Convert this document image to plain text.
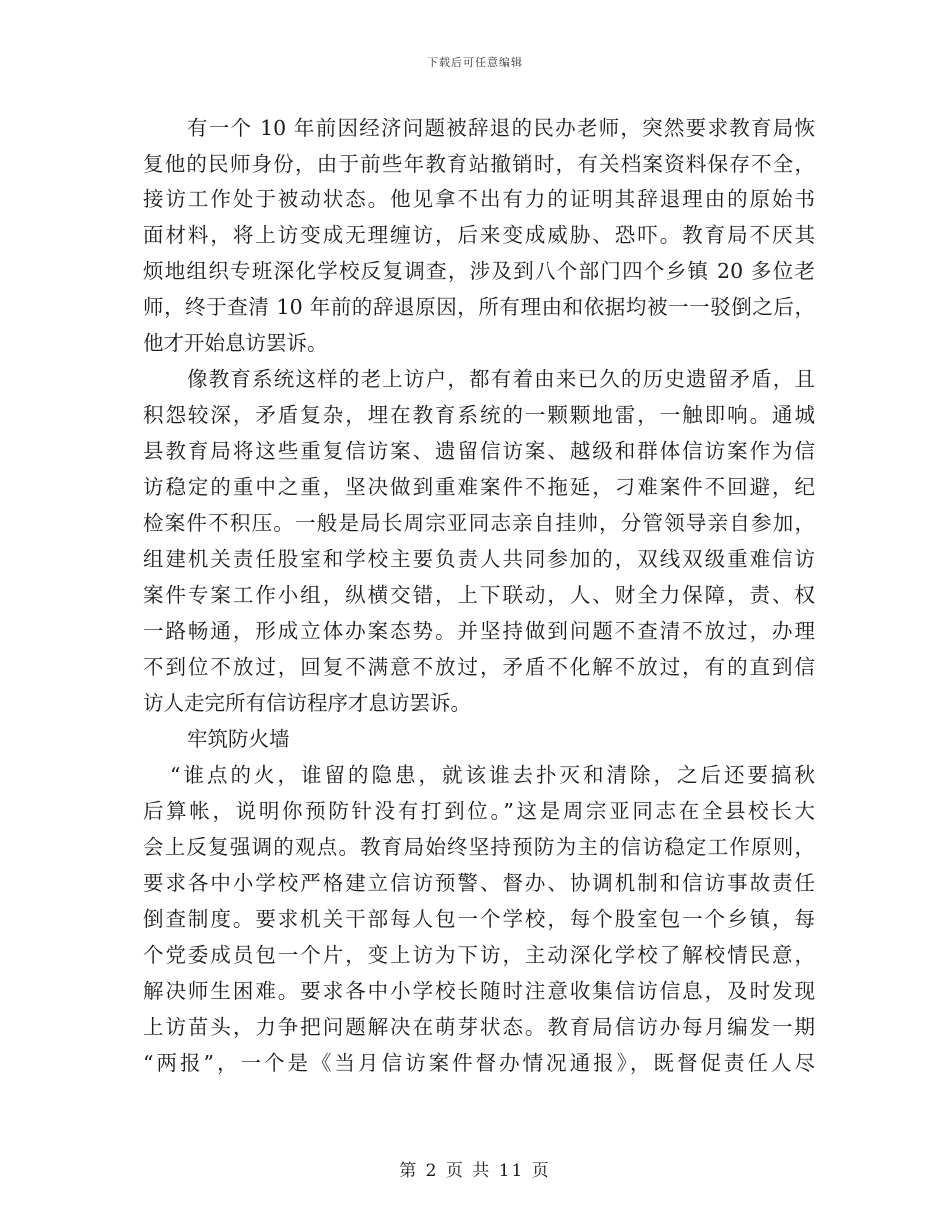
下载后可任意编辑
有一个 10 年前因经济问题被辞退的民办老师，突然要求教育局恢
复他的民师身份，由于前些年教育站撤销时，有关档案资料保存不全，
接访工作处于被动状态。他见拿不出有力的证明其辞退理由的原始书
面材料，将上访变成无理缠访，后来变成威胁、恐吓。教育局不厌其
烦地组织专班深化学校反复调查，涉及到八个部门四个乡镇 20 多位老
师，终于查清 10 年前的辞退原因，所有理由和依据均被一一驳倒之后，
他才开始息访罢诉。
像教育系统这样的老上访户，都有着由来已久的历史遗留矛盾，且
积怨较深，矛盾复杂，埋在教育系统的一颗颗地雷，一触即响。通城
县教育局将这些重复信访案、遗留信访案、越级和群体信访案作为信
访稳定的重中之重，坚决做到重难案件不拖延，刁难案件不回避，纪
检案件不积压。一般是局长周宗亚同志亲自挂帅，分管领导亲自参加，
组建机关责任股室和学校主要负责人共同参加的，双线双级重难信访
案件专案工作小组，纵横交错，上下联动，人、财全力保障，责、权
一路畅通，形成立体办案态势。并坚持做到问题不查清不放过，办理
不到位不放过，回复不满意不放过，矛盾不化解不放过，有的直到信
访人走完所有信访程序才息访罢诉。
牢筑防火墙
“谁点的火，谁留的隐患，就该谁去扑灭和清除，之后还要搞秋
后算帐，说明你预防针没有打到位。”这是周宗亚同志在全县校长大
会上反复强调的观点。教育局始终坚持预防为主的信访稳定工作原则，
要求各中小学校严格建立信访预警、督办、协调机制和信访事故责任
倒查制度。要求机关干部每人包一个学校，每个股室包一个乡镇，每
个党委成员包一个片，变上访为下访，主动深化学校了解校情民意，
解决师生困难。要求各中小学校长随时注意收集信访信息，及时发现
上访苗头，力争把问题解决在萌芽状态。教育局信访办每月编发一期
“两报”，一个是《当月信访案件督办情况通报》，既督促责任人尽
第 2 页 共 11 页
